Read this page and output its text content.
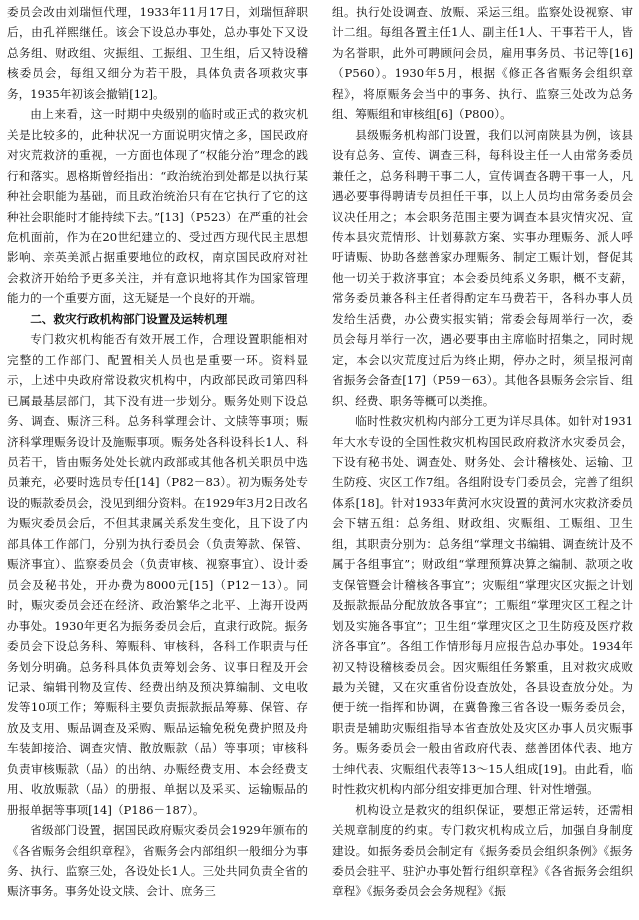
委员会改由刘瑞恒代理，1933年11月17日，刘瑞恒辞职后，由孔祥熙继任。该会下设总办事处，总办事处下又设总务组、财政组、灾振组、工振组、卫生组，后又特设稽核委员会，每组又细分为若干股，具体负责各项救灾事务，1935年初该会撤销[12]。

由上来看，这一时期中央级别的临时或正式的救灾机关是比较多的，此种状况一方面说明灾情之多，国民政府对灾荒救济的重视，一方面也体现了“权能分治”理念的践行和落实。恩格斯曾经指出：“政治统治到处都是以执行某种社会职能为基础，而且政治统治只有在它执行了它的这种社会职能时才能持续下去。”[13]（P523）在严重的社会危机面前，作为在20世纪建立的、受过西方现代民主思想影响、亲英美派占据重要地位的政权，南京国民政府对社会救济开始给予更多关注，并有意识地将其作为国家管理能力的一个重要方面，这无疑是一个良好的开端。

二、救灾行政机构部门设置及运转机理

专门救灾机构能否有效开展工作，合理设置职能相对完整的工作部门、配置相关人员也是重要一环。资料显示，上述中央政府常设救灾机构中，内政部民政司第四科已属最基层部门，其下没有进一步划分。赈务处则下设总务、调查、赈济三科。总务科掌理会计、文牍等事项；赈济科掌理赈务设计及施赈事项。赈务处各科设科长1人、科员若干，皆由赈务处处长就内政部或其他各机关职员中选员兼充，必要时选员专任[14]（P82－83）。初为赈务处专设的赈款委员会，没见到细分资料。在1929年3月2日改名为赈灾委员会后，不但其隶属关系发生变化，且下设了内部具体工作部门，分别为执行委员会（负责筹款、保管、赈济事宜）、监察委员会（负责审核、视察事宜）、设计委员会及秘书处，开办费为8000元[15]（P12－13）。同时，赈灾委员会还在经济、政治繁华之北平、上海开设两办事处。1930年更名为振务委员会后，直隶行政院。振务委员会下设总务科、筹赈科、审核科，各科工作职责与任务划分明确。总务科具体负责筹划会务、议事日程及开会记录、编辑刊物及宣传、经费出纳及预决算编制、文电收发等10项工作；筹赈科主要负责振款振品筹募、保管、存放及支用、赈品调查及采购、赈品运输免税免费护照及舟车装卸接洽、调查灾情、散放赈款（品）等事项；审核科负责审核赈款（品）的出纳、办赈经费支用、本会经费支用、收放赈款（品）的册报、单据以及采买、运输赈品的册报单据等事项[14]（P186－187）。

省级部门设置，据国民政府赈灾委员会1929年颁布的《各省赈务会组织章程》，省赈务会内部组织一般细分为事务、执行、监察三处，各设处长1人。三处共同负责全省的赈济事务。事务处设文牍、会计、庶务三

组。执行处设调查、放赈、采运三组。监察处设视察、审计二组。每组各置主任1人、副主任1人、干事若干人，皆为名誉职，此外可聘顾问会员，雇用事务员、书记等[16]（P560）。1930年5月，根据《修正各省赈务会组织章程》，将原赈务会当中的事务、执行、监察三处改为总务组、筹赈组和审核组[6]（P800）。

县级赈务机构部门设置，我们以河南陕县为例，该县设有总务、宣传、调查三科，每科设主任一人由常务委员兼任之，总务科聘干事二人，宣传调查各聘干事一人，凡遇必要事得聘请专员担任干事，以上人员均由常务委员会议决任用之；本会职务范围主要为调查本县灾情灾况、宣传本县灾荒情形、计划募款方案、实事办理赈务、派人呼吁请赈、协助各慈善家办理赈务、制定工赈计划，督促其他一切关于救济事宜；本会委员纯系义务职，概不支薪，常务委员兼各科主任者得酌定车马费若干，各科办事人员发给生活费，办公费实报实销；常委会每周举行一次，委员会每月举行一次，遇必要事由主席临时招集之，同时规定，本会以灾荒度过后为终止期，停办之时，须呈报河南省振务会备查[17]（P59－63）。其他各县赈务会宗旨、组织、经费、职务等概可以类推。

临时性救灾机构内部分工更为详尽具体。如针对1931年大水专设的全国性救灾机构国民政府救济水灾委员会，下设有秘书处、调查处、财务处、会计稽核处、运输、卫生防疫、灾区工作7组。各组附设专门委员会，完善了组织体系[18]。针对1933年黄河水灾设置的黄河水灾救济委员会下辖五组：总务组、财政组、灾赈组、工赈组、卫生组，其职责分别为：总务组“掌理文书编辑、调查统计及不属于各组事宜”；财政组“掌理预算决算之编制、款项之收支保管暨会计稽核各事宜”；灾赈组“掌理灾区灾振之计划及振款振品分配放放各事宜”；工赈组“掌理灾区工程之计划及实施各事宜”；卫生组“掌理灾区之卫生防疫及医疗救济各事宜”。各组工作情形每月应报告总办事处。1934年初又特设稽核委员会。因灾赈组任务繁重，且对救灾成败最为关键，又在灾重省份设查放处，各县设查放分处。为便于统一指挥和协调，在冀鲁豫三省各设一赈务委员会，职责是辅助灾赈组指导本省查放处及灾区办事人员灾赈事务。赈务委员会一般由省政府代表、慈善团体代表、地方士绅代表、灾赈组代表等13～15人组成[19]。由此看，临时性救灾机构内部分组安排更加合理、针对性增强。

机构设立是救灾的组织保证，要想正常运转，还需相关规章制度的约束。专门救灾机构成立后，加强自身制度建设。如振务委员会制定有《振务委员会组织条例》《振务委员会驻平、驻沪办事处暂行组织章程》《各省振务会组织章程》《振务委员会会务规程》《振
